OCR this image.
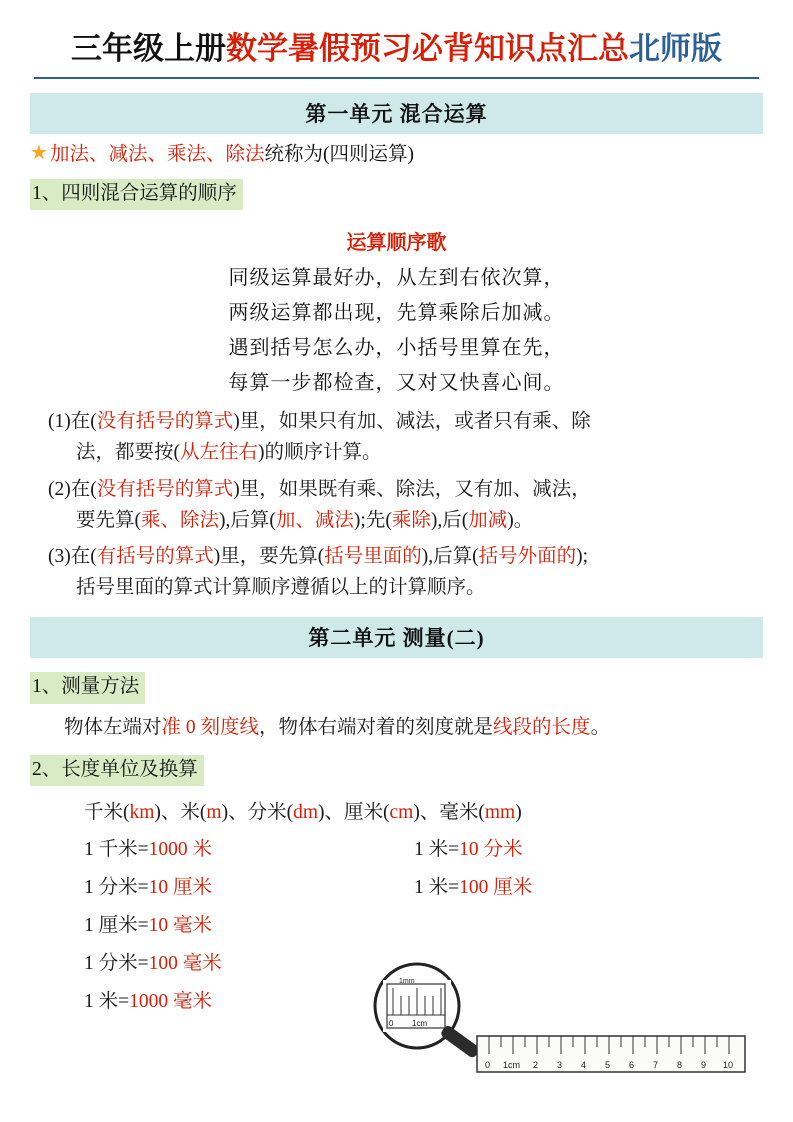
三年级上册数学暑假预习必背知识点汇总北师版
第一单元 混合运算
★ 加法、减法、乘法、除法统称为(四则运算)
1、四则混合运算的顺序
运算顺序歌
同级运算最好办，从左到右依次算，
两级运算都出现，先算乘除后加减。
遇到括号怎么办，小括号里算在先，
每算一步都检查，又对又快喜心间。
(1)在(没有括号的算式)里，如果只有加、减法，或者只有乘、除
法，都要按(从左往右)的顺序计算。
(2)在(没有括号的算式)里，如果既有乘、除法，又有加、减法，
要先算(乘、除法),后算(加、减法);先(乘除),后(加减)。
(3)在(有括号的算式)里，要先算(括号里面的),后算(括号外面的);
括号里面的算式计算顺序遵循以上的计算顺序。
第二单元 测量(二)
1、测量方法
物体左端对准 0 刻度线，物体右端对着的刻度就是线段的长度。
2、长度单位及换算
千米(km)、米(m)、分米(dm)、厘米(cm)、毫米(mm)
1 千米=1000 米	1 米=10 分米
1 分米=10 厘米	1 米=100 厘米
1 厘米=10 毫米
1 分米=100 毫米
1 米=1000 毫米
1mm
0 1cm
0 1cm 2 3 4 5 6 7 8 9 10
